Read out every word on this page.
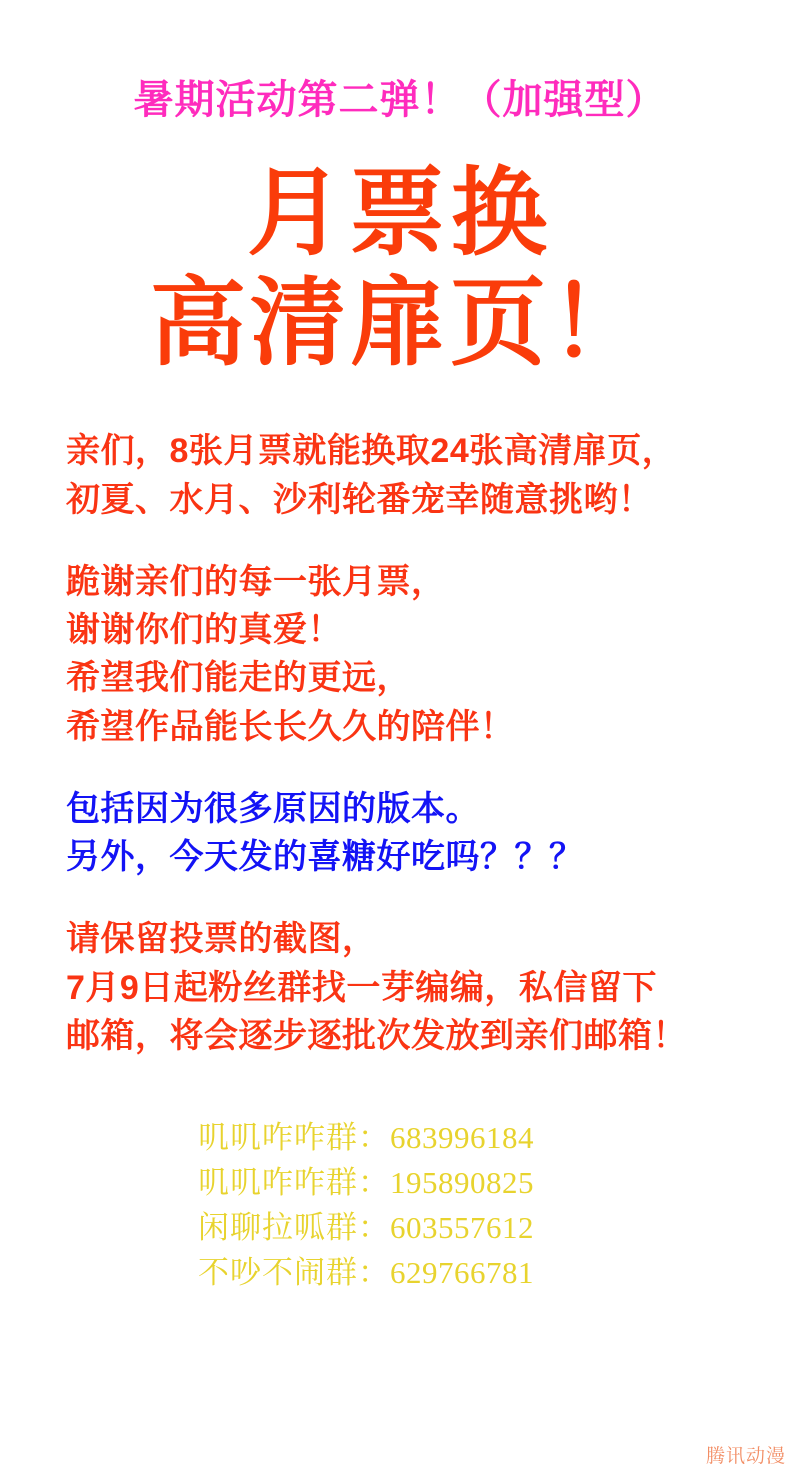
暑期活动第二弹！（加强型）
月票换
高清扉页！

亲们，8张月票就能换取24张高清扉页，
初夏、水月、沙利轮番宠幸随意挑哟！

跪谢亲们的每一张月票，
谢谢你们的真爱！
希望我们能走的更远，
希望作品能长长久久的陪伴！

包括因为很多原因的版本。
另外，今天发的喜糖好吃吗？？？

请保留投票的截图，
7月9日起粉丝群找一芽编编，私信留下
邮箱，将会逐步逐批次发放到亲们邮箱！

叽叽咋咋群：683996184
叽叽咋咋群：195890825
闲聊拉呱群：603557612
不吵不闹群：629766781
腾讯动漫
